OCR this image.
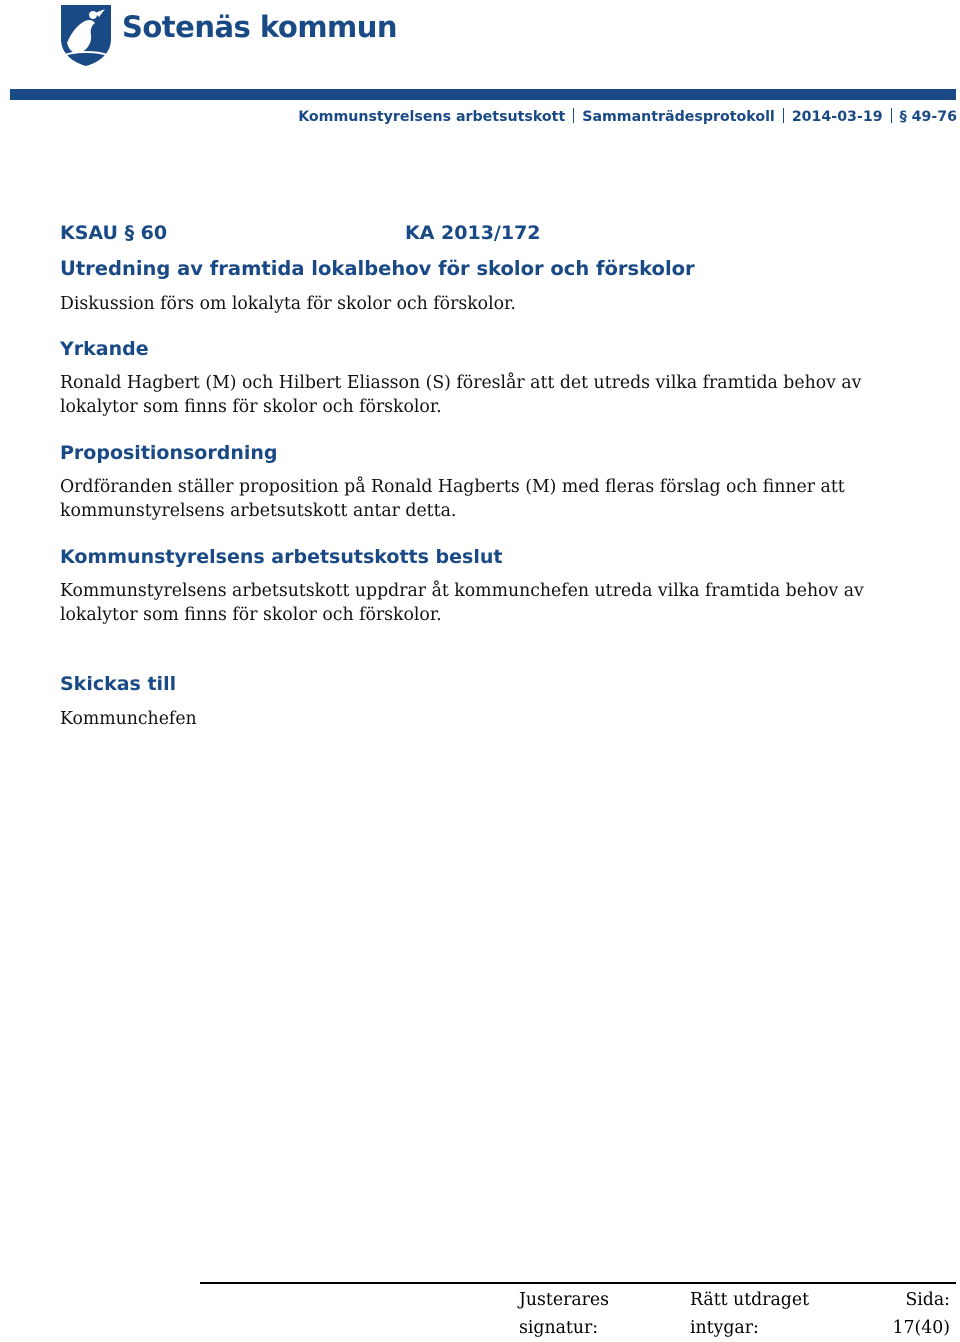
Sotenäs kommun
Kommunstyrelsens arbetsutskott Sammanträdesprotokoll 2014-03-19 § 49-76
KSAU § 60	KA 2013/172
Utredning av framtida lokalbehov för skolor och förskolor
Diskussion förs om lokalyta för skolor och förskolor.
Yrkande
Ronald Hagbert (M) och Hilbert Eliasson (S) föreslår att det utreds vilka framtida behov av
lokalytor som finns för skolor och förskolor.
Propositionsordning
Ordföranden ställer proposition på Ronald Hagberts (M) med fleras förslag och finner att
kommunstyrelsens arbetsutskott antar detta.
Kommunstyrelsens arbetsutskotts beslut
Kommunstyrelsens arbetsutskott uppdrar åt kommunchefen utreda vilka framtida behov av
lokalytor som finns för skolor och förskolor.
Skickas till
Kommunchefen
Justerares
signatur:
Rätt utdraget
intygar:
Sida:
17(40)
